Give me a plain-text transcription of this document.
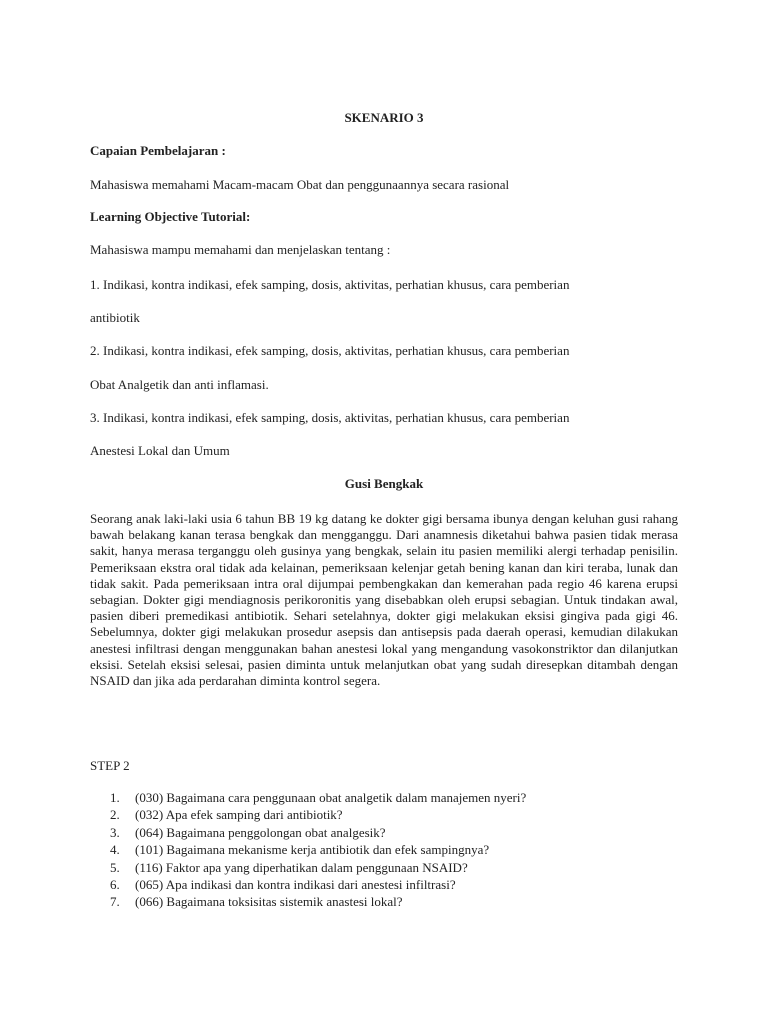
SKENARIO 3
Capaian Pembelajaran :
Mahasiswa memahami Macam-macam Obat dan penggunaannya secara rasional
Learning Objective Tutorial:
Mahasiswa mampu memahami dan menjelaskan tentang :
1. Indikasi, kontra indikasi, efek samping, dosis, aktivitas, perhatian khusus, cara pemberian
antibiotik
2. Indikasi, kontra indikasi, efek samping, dosis, aktivitas, perhatian khusus, cara pemberian
Obat Analgetik dan anti inflamasi.
3. Indikasi, kontra indikasi, efek samping, dosis, aktivitas, perhatian khusus, cara pemberian
Anestesi Lokal dan Umum
Gusi Bengkak

Seorang anak laki-laki usia 6 tahun BB 19 kg datang ke dokter gigi bersama ibunya dengan keluhan gusi rahang bawah belakang kanan terasa bengkak dan mengganggu. Dari anamnesis diketahui bahwa pasien tidak merasa sakit, hanya merasa terganggu oleh gusinya yang bengkak, selain itu pasien memiliki alergi terhadap penisilin. Pemeriksaan ekstra oral tidak ada kelainan, pemeriksaan kelenjar getah bening kanan dan kiri teraba, lunak dan tidak sakit. Pada pemeriksaan intra oral dijumpai pembengkakan dan kemerahan pada regio 46 karena erupsi sebagian. Dokter gigi mendiagnosis perikoronitis yang disebabkan oleh erupsi sebagian. Untuk tindakan awal, pasien diberi premedikasi antibiotik. Sehari setelahnya, dokter gigi melakukan eksisi gingiva pada gigi 46. Sebelumnya, dokter gigi melakukan prosedur asepsis dan antisepsis pada daerah operasi, kemudian dilakukan anestesi infiltrasi dengan menggunakan bahan anestesi lokal yang mengandung vasokonstriktor dan dilanjutkan eksisi. Setelah eksisi selesai, pasien diminta untuk melanjutkan obat yang sudah diresepkan ditambah dengan NSAID dan jika ada perdarahan diminta kontrol segera.

STEP 2
1.	(030) Bagaimana cara penggunaan obat analgetik dalam manajemen nyeri?
2.	(032) Apa efek samping dari antibiotik?
3.	(064) Bagaimana penggolongan obat analgesik?
4.	(101) Bagaimana mekanisme kerja antibiotik dan efek sampingnya?
5.	(116) Faktor apa yang diperhatikan dalam penggunaan NSAID?
6.	(065) Apa indikasi dan kontra indikasi dari anestesi infiltrasi?
7.	(066) Bagaimana toksisitas sistemik anastesi lokal?
